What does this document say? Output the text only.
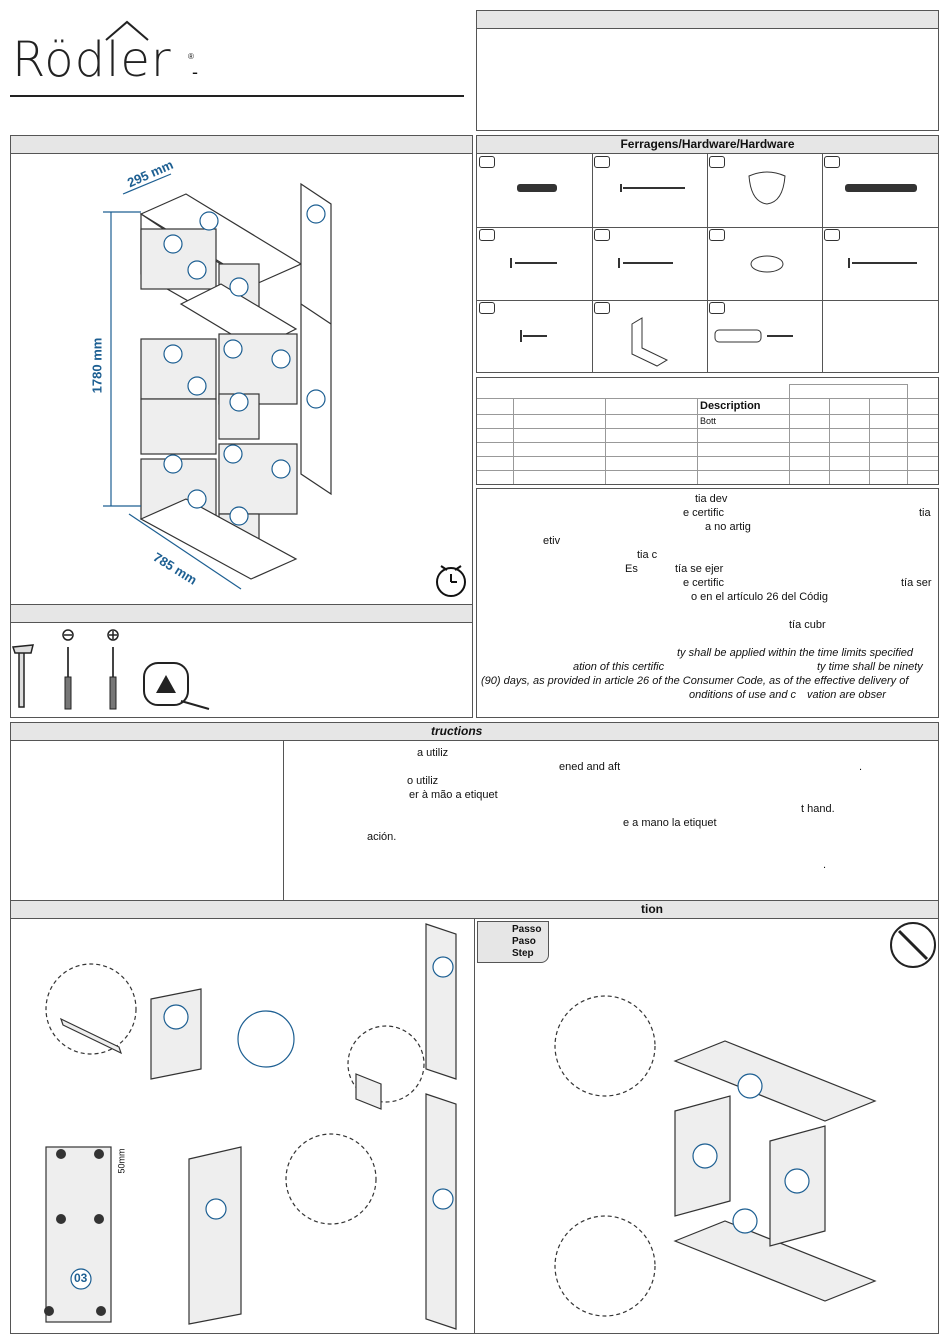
Rödler ®
-
295 mm
1780 mm
785 mm
Ferragens/Hardware/Hardware
Description
Bott
tia dev
e certific	tia
a no artig
etiv
tia c
Es	tía se ejer
e certific	tía ser
o en el artículo 26 del Códig
tía cubr
ty shall be applied within the time limits specified
ation of this certific	ty time shall be ninety
(90) days, as provided in article 26 of the Consumer Code, as of the effective delivery of
onditions of use and c vation are obser
tructions
a utiliz
ened and aft	.
o utiliz
er à mão a etiquet
t hand.
e a mano la etiquet
ación.
.
tion
03
50mm
Passo
Paso
Step
